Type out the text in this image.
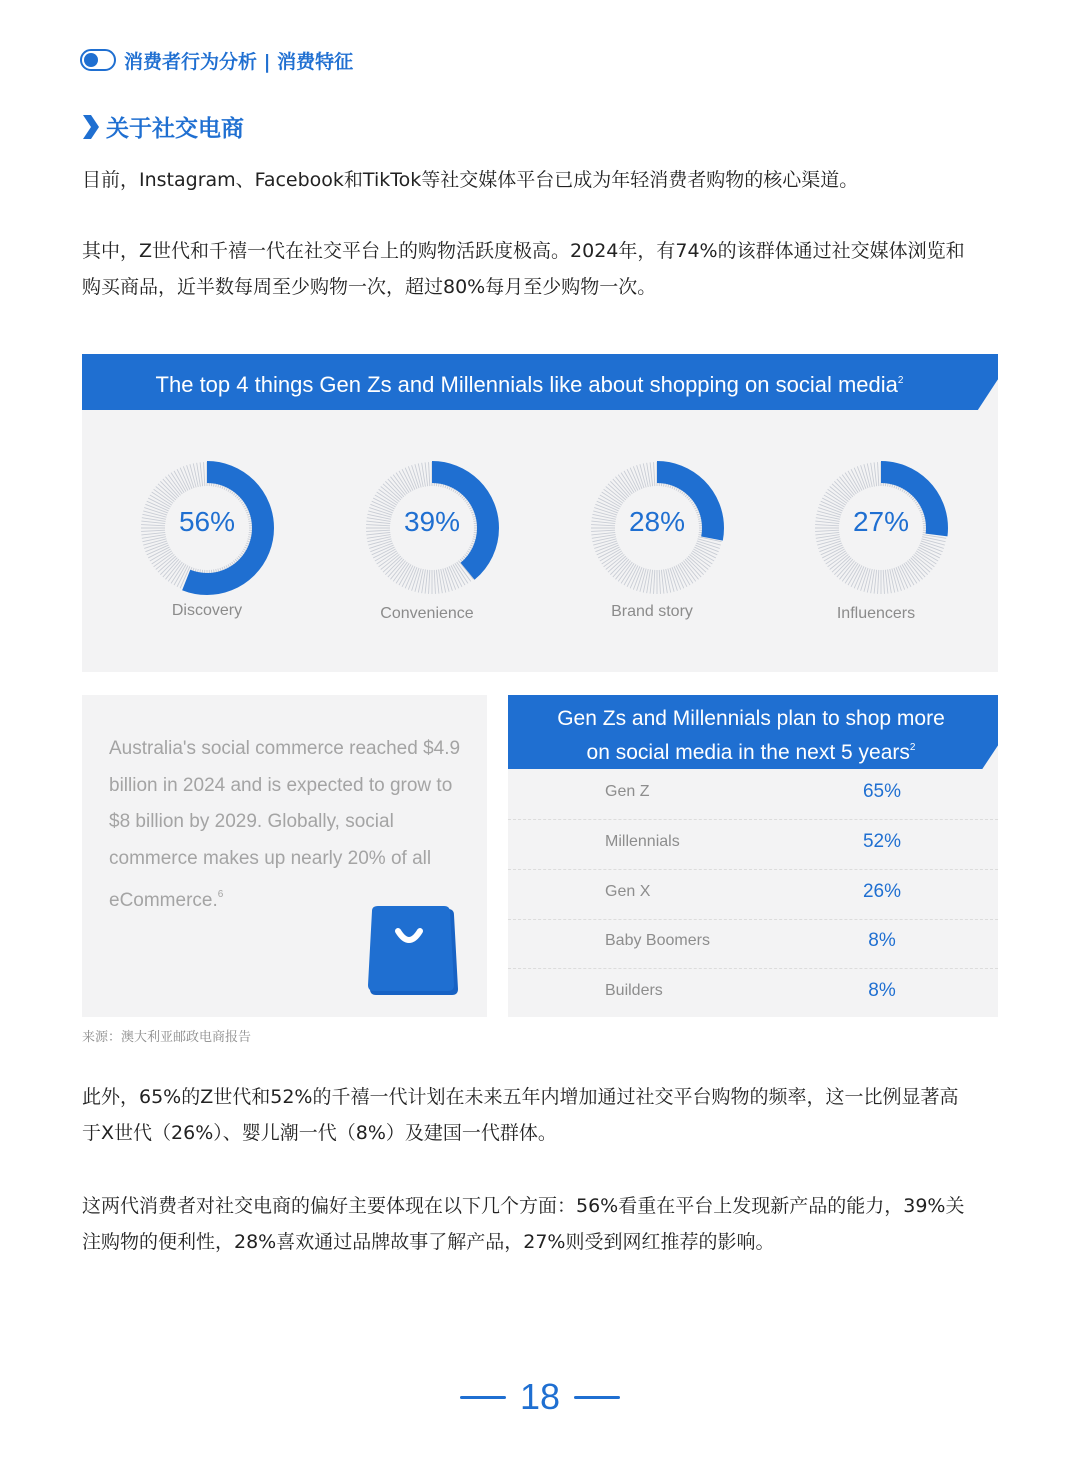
消费者行为分析 | 消费特征
关于社交电商
目前，Instagram、Facebook和TikTok等社交媒体平台已成为年轻消费者购物的核心渠道。
其中，Z世代和千禧一代在社交平台上的购物活跃度极高。2024年，有74%的该群体通过社交媒体浏览和
购买商品，近半数每周至少购物一次，超过80%每月至少购物一次。
The top 4 things Gen Zs and Millennials like about shopping on social media$^2$
56%
Discovery
39%
Convenience
28%
Brand story
27%
Influencers
Australia's social commerce reached $4.9 billion in 2024 and is expected to grow to $8 billion by 2029. Globally, social commerce makes up nearly 20% of all eCommerce.$^6$
Gen Zs and Millennials plan to shop more
on social media in the next 5 years$^2$
Gen Z	65%
Millennials	52%
Gen X	26%
Baby Boomers	8%
Builders	8%
来源：澳大利亚邮政电商报告
此外，65%的Z世代和52%的千禧一代计划在未来五年内增加通过社交平台购物的频率，这一比例显著高
于X世代（26%）、婴儿潮一代（8%）及建国一代群体。
这两代消费者对社交电商的偏好主要体现在以下几个方面：56%看重在平台上发现新产品的能力，39%关
注购物的便利性，28%喜欢通过品牌故事了解产品，27%则受到网红推荐的影响。
18
